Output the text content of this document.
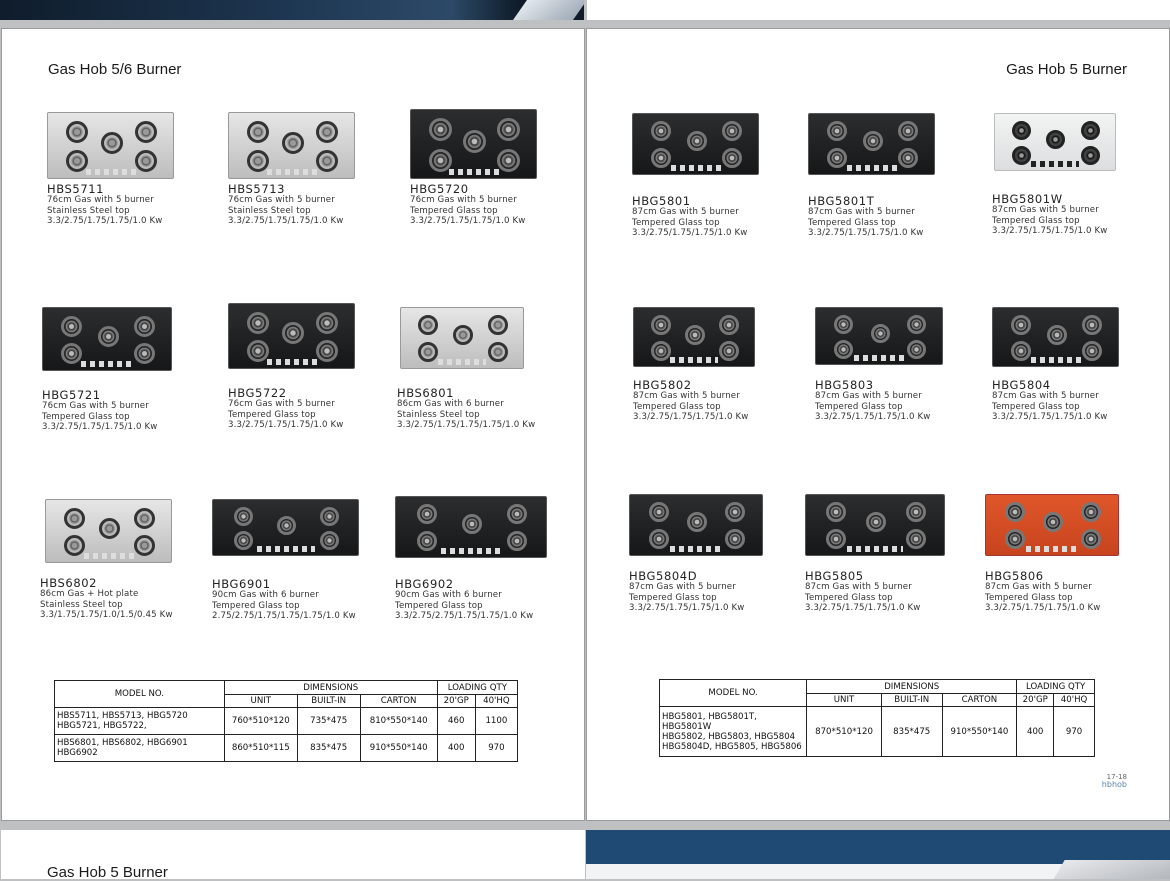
Gas Hob 5/6 Burner
HBS5711
76cm Gas with 5 burner
Stainless Steel top
3.3/2.75/1.75/1.75/1.0 Kw
HBS5713
76cm Gas with 5 burner
Stainless Steel top
3.3/2.75/1.75/1.75/1.0 Kw
HBG5720
76cm Gas with 5 burner
Tempered Glass top
3.3/2.75/1.75/1.75/1.0 Kw
HBG5721
76cm Gas with 5 burner
Tempered Glass top
3.3/2.75/1.75/1.75/1.0 Kw
HBG5722
76cm Gas with 5 burner
Tempered Glass top
3.3/2.75/1.75/1.75/1.0 Kw
HBS6801
86cm Gas with 6 burner
Stainless Steel top
3.3/2.75/1.75/1.75/1.75/1.0 Kw
HBS6802
86cm Gas + Hot plate
Stainless Steel top
3.3/1.75/1.75/1.0/1.5/0.45 Kw
HBG6901
90cm Gas with 6 burner
Tempered Glass top
2.75/2.75/1.75/1.75/1.75/1.0 Kw
HBG6902
90cm Gas with 6 burner
Tempered Glass top
3.3/2.75/2.75/1.75/1.75/1.0 Kw
MODEL NO.	DIMENSIONS			LOADING QTY	
	UNIT	BUILT-IN	CARTON	20'GP	40'HQ

HBS5711, HBS5713, HBG5720
HBG5721, HBG5722,	760*510*120	735*475	810*550*140	460	1100

HBS6801, HBS6802, HBG6901
HBG6902	860*510*115	835*475	910*550*140	400	970
Gas Hob 5 Burner
HBG5801
87cm Gas with 5 burner
Tempered Glass top
3.3/2.75/1.75/1.75/1.0 Kw
HBG5801T
87cm Gas with 5 burner
Tempered Glass top
3.3/2.75/1.75/1.75/1.0 Kw
HBG5801W
87cm Gas with 5 burner
Tempered Glass top
3.3/2.75/1.75/1.75/1.0 Kw
HBG5802
87cm Gas with 5 burner
Tempered Glass top
3.3/2.75/1.75/1.75/1.0 Kw
HBG5803
87cm Gas with 5 burner
Tempered Glass top
3.3/2.75/1.75/1.75/1.0 Kw
HBG5804
87cm Gas with 5 burner
Tempered Glass top
3.3/2.75/1.75/1.75/1.0 Kw
HBG5804D
87cm Gas with 5 burner
Tempered Glass top
3.3/2.75/1.75/1.75/1.0 Kw
HBG5805
87cm Gas with 5 burner
Tempered Glass top
3.3/2.75/1.75/1.75/1.0 Kw
HBG5806
87cm Gas with 5 burner
Tempered Glass top
3.3/2.75/1.75/1.75/1.0 Kw
MODEL NO.	DIMENSIONS			LOADING QTY	
	UNIT	BUILT-IN	CARTON	20'GP	40'HQ

HBG5801, HBG5801T, HBG5801W
HBG5802, HBG5803, HBG5804
HBG5804D, HBG5805, HBG5806	870*510*120	835*475	910*550*140	400	970
17-18
hbhob
Gas Hob 5 Burner
